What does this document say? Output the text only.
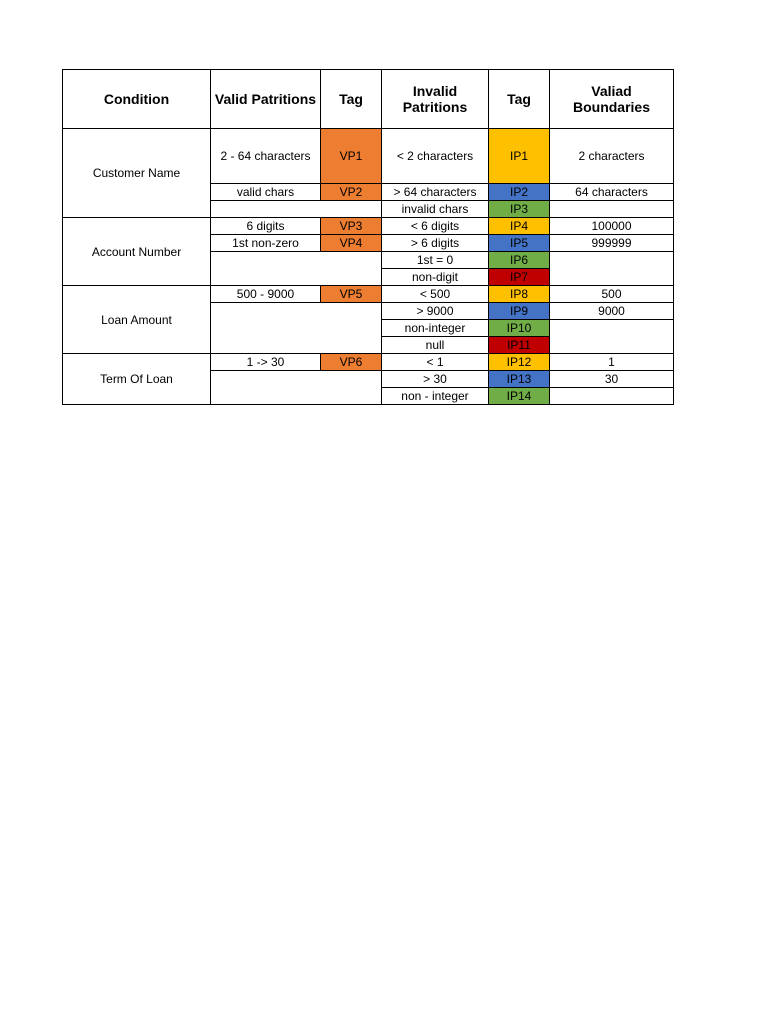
Condition	Valid Patritions	Tag	Invalid Patritions	Tag	Valiad Boundaries
Customer Name	2 - 64 characters	VP1	< 2 characters	IP1	2 characters
	valid chars	VP2	> 64 characters	IP2	64 characters
			invalid chars	IP3	
Account Number	6 digits	VP3	< 6 digits	IP4	100000
	1st non-zero	VP4	> 6 digits	IP5	999999
			1st = 0	IP6	
			non-digit	IP7	
Loan Amount	500 - 9000	VP5	< 500	IP8	500
			> 9000	IP9	9000
			non-integer	IP10	
			null	IP11	
Term Of Loan	1 -> 30	VP6	< 1	IP12	1
			> 30	IP13	30
			non - integer	IP14	
